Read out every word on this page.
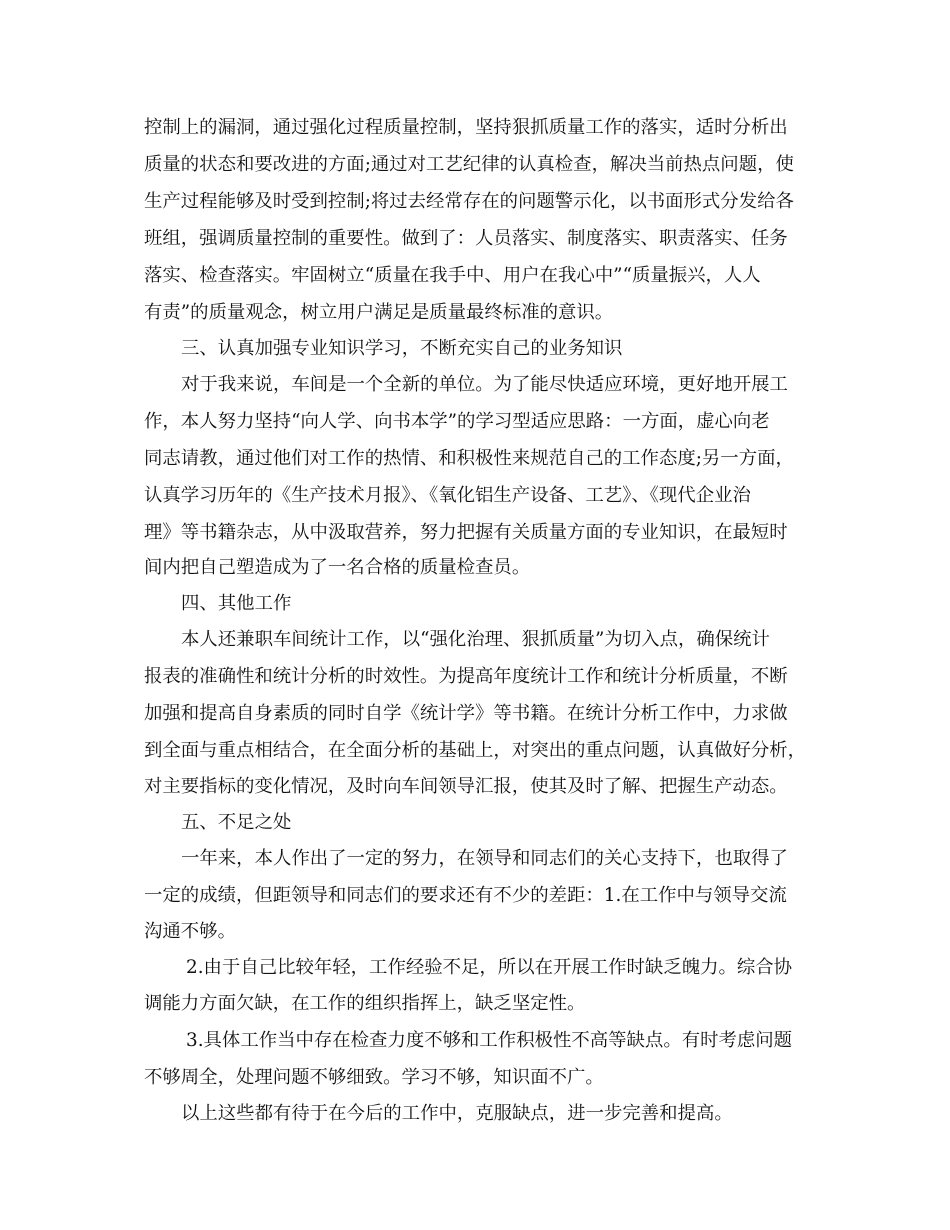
控制上的漏洞，通过强化过程质量控制，坚持狠抓质量工作的落实，适时分析出
质量的状态和要改进的方面;通过对工艺纪律的认真检查，解决当前热点问题，使
生产过程能够及时受到控制;将过去经常存在的问题警示化，以书面形式分发给各
班组，强调质量控制的重要性。做到了：人员落实、制度落实、职责落实、任务
落实、检查落实。牢固树立“质量在我手中、用户在我心中”“质量振兴，人人
有责”的质量观念，树立用户满足是质量最终标准的意识。
三、认真加强专业知识学习，不断充实自己的业务知识
对于我来说，车间是一个全新的单位。为了能尽快适应环境，更好地开展工
作，本人努力坚持“向人学、向书本学”的学习型适应思路：一方面，虚心向老
同志请教，通过他们对工作的热情、和积极性来规范自己的工作态度;另一方面，
认真学习历年的《生产技术月报》、《氧化铝生产设备、工艺》、《现代企业治
理》等书籍杂志，从中汲取营养，努力把握有关质量方面的专业知识，在最短时
间内把自己塑造成为了一名合格的质量检查员。
四、其他工作
本人还兼职车间统计工作，以“强化治理、狠抓质量”为切入点，确保统计
报表的准确性和统计分析的时效性。为提高年度统计工作和统计分析质量，不断
加强和提高自身素质的同时自学《统计学》等书籍。在统计分析工作中，力求做
到全面与重点相结合，在全面分析的基础上，对突出的重点问题，认真做好分析，
对主要指标的变化情况，及时向车间领导汇报，使其及时了解、把握生产动态。
五、不足之处
一年来，本人作出了一定的努力，在领导和同志们的关心支持下，也取得了
一定的成绩，但距领导和同志们的要求还有不少的差距：1.在工作中与领导交流
沟通不够。
2.由于自己比较年轻，工作经验不足，所以在开展工作时缺乏魄力。综合协
调能力方面欠缺，在工作的组织指挥上，缺乏坚定性。
3.具体工作当中存在检查力度不够和工作积极性不高等缺点。有时考虑问题
不够周全，处理问题不够细致。学习不够，知识面不广。
以上这些都有待于在今后的工作中，克服缺点，进一步完善和提高。
